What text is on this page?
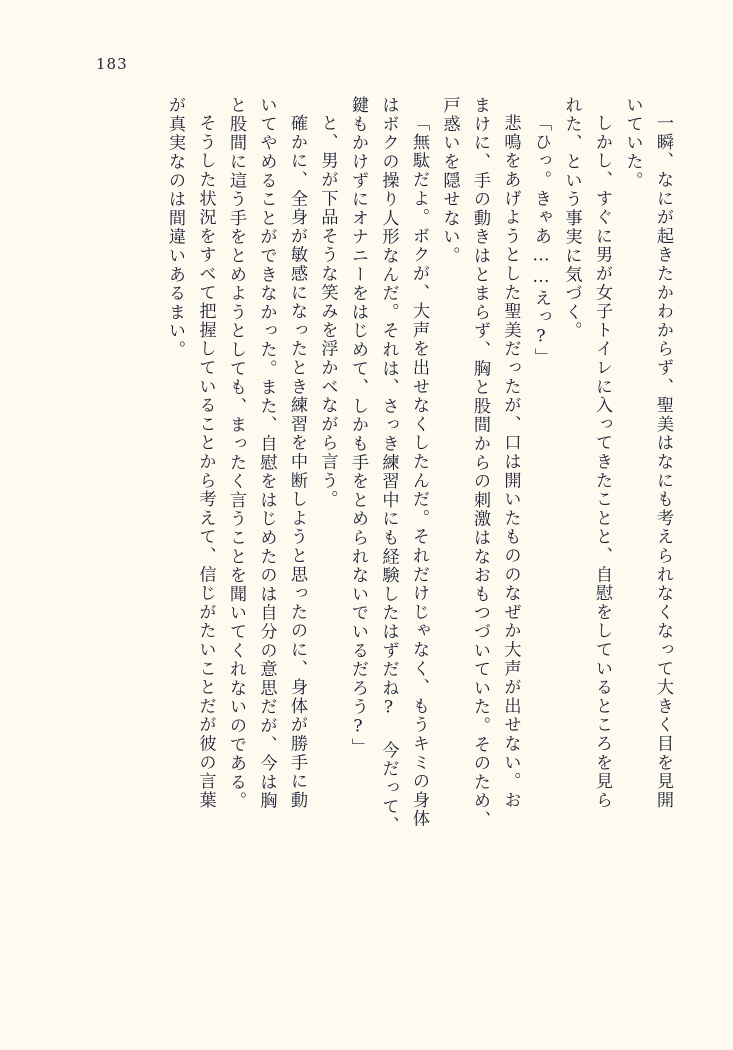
183
一瞬、なにが起きたかわからず、聖美はなにも考えられなくなって大きく目を見開
いていた。
しかし、すぐに男が女子トイレに入ってきたことと、自慰をしているところを見ら
れた、という事実に気づく。
「ひっ。きゃあ……えっ?」
悲鳴をあげようとした聖美だったが、口は開いたもののなぜか大声が出せない。お
まけに、手の動きはとまらず、胸と股間からの刺激はなおもつづいていた。そのため、
戸惑いを隠せない。
「無駄だよ。ボクが、大声を出せなくしたんだ。それだけじゃなく、もうキミの身体
はボクの操り人形なんだ。それは、さっき練習中にも経験したはずだね? 今だって、
鍵もかけずにオナニーをはじめて、しかも手をとめられないでいるだろう?」
と、男が下品そうな笑みを浮かべながら言う。
確かに、全身が敏感になったとき練習を中断しようと思ったのに、身体が勝手に動
いてやめることができなかった。また、自慰をはじめたのは自分の意思だが、今は胸
と股間に這う手をとめようとしても、まったく言うことを聞いてくれないのである。
そうした状況をすべて把握していることから考えて、信じがたいことだが彼の言葉
が真実なのは間違いあるまい。
